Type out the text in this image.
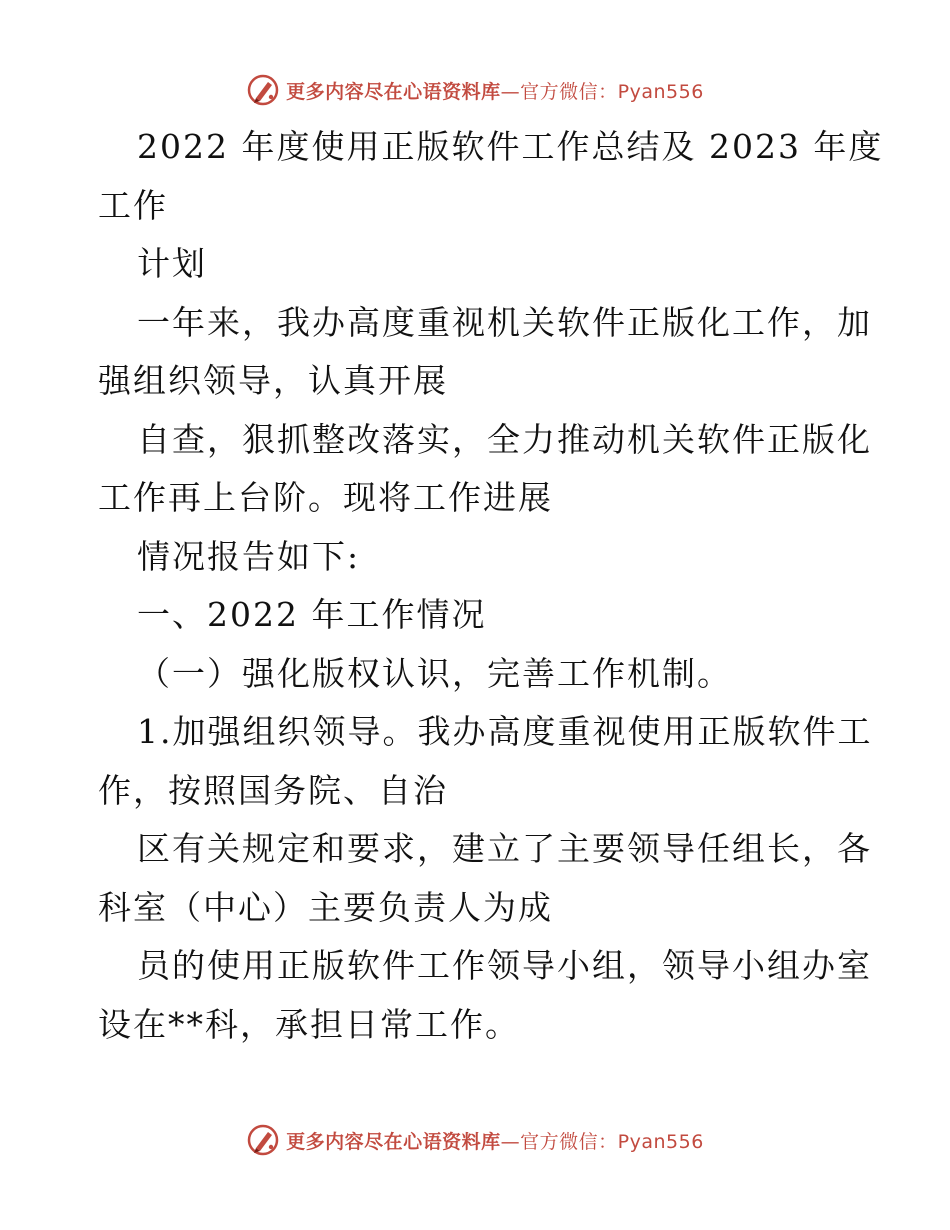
更多内容尽在心语资料库—官方微信：Pyan556
2022 年度使用正版软件工作总结及 2023 年度
工作
计划
一年来，我办高度重视机关软件正版化工作，加
强组织领导，认真开展
自查，狠抓整改落实，全力推动机关软件正版化
工作再上台阶。现将工作进展
情况报告如下:
一、2022 年工作情况
（一）强化版权认识，完善工作机制。
1.加强组织领导。我办高度重视使用正版软件工
作，按照国务院、自治
区有关规定和要求，建立了主要领导任组长，各
科室（中心）主要负责人为成
员的使用正版软件工作领导小组，领导小组办室
设在**科，承担日常工作。
更多内容尽在心语资料库—官方微信：Pyan556
